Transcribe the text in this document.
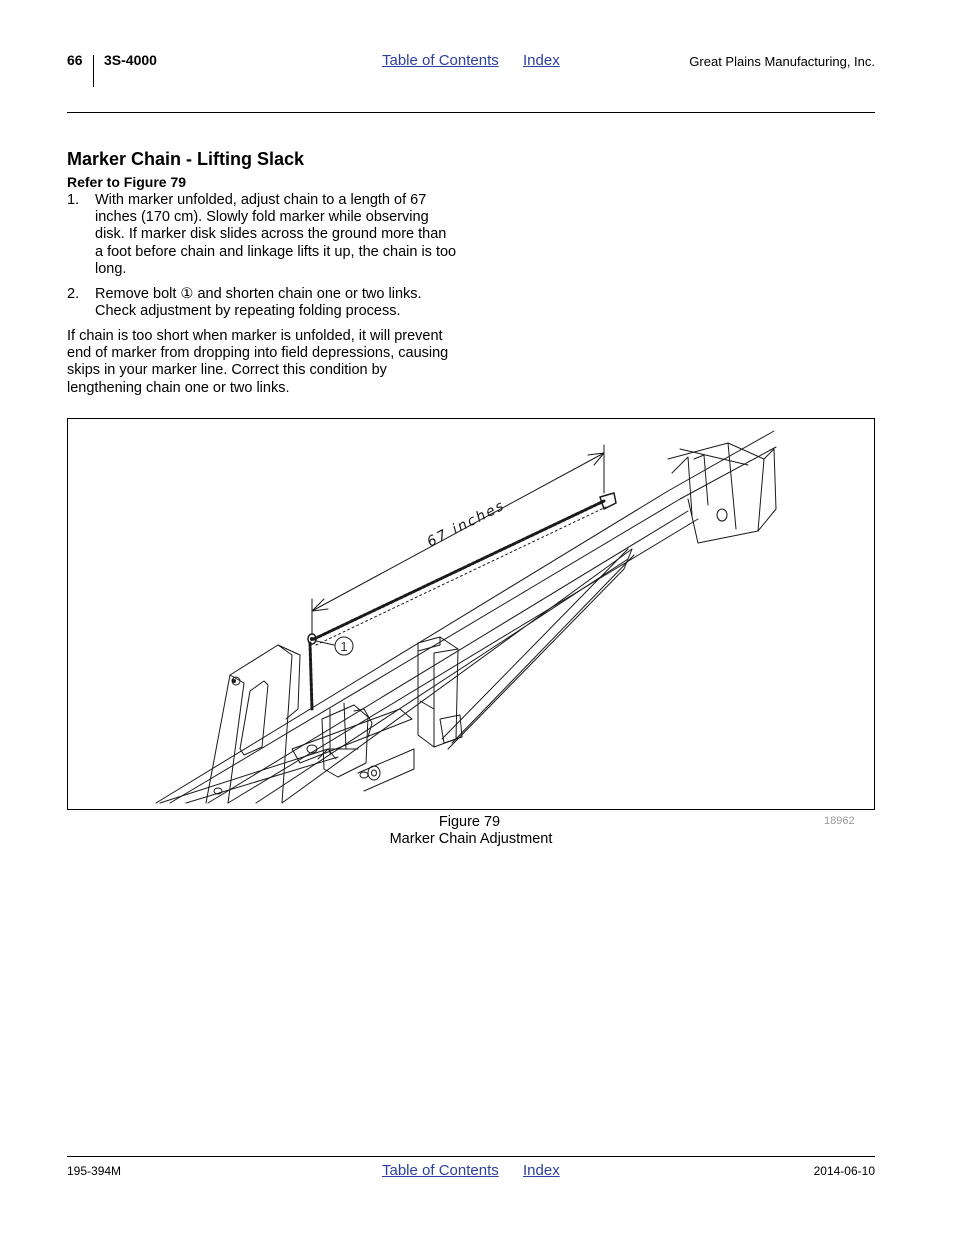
66 3S-4000	Table of Contents Index	Great Plains Manufacturing, Inc.
Marker Chain - Lifting Slack
Refer to Figure 79
1. With marker unfolded, adjust chain to a length of 67 inches (170 cm). Slowly fold marker while observing disk. If marker disk slides across the ground more than a foot before chain and linkage lifts it up, the chain is too long.
2. Remove bolt ① and shorten chain one or two links. Check adjustment by repeating folding process.
If chain is too short when marker is unfolded, it will prevent end of marker from dropping into field depressions, causing skips in your marker line. Correct this condition by lengthening chain one or two links.
1
67 inches
Figure 79
Marker Chain Adjustment
18962
195-394M	Table of Contents Index	2014-06-10
